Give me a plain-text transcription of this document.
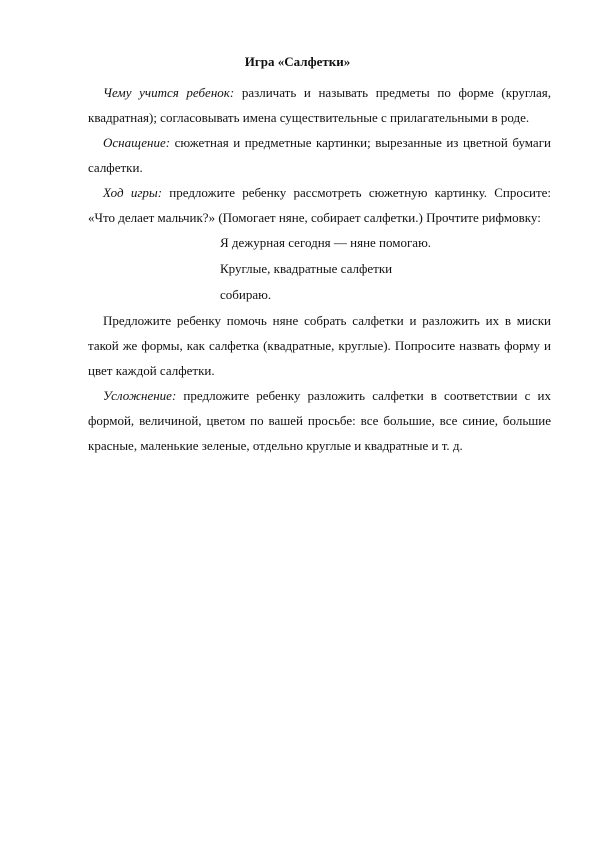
Игра «Салфетки»

Чему учится ребенок: различать и называть предметы по форме (круглая, квадратная); согласовывать имена существительные с прилагательными в роде.

Оснащение: сюжетная и предметные картинки; вырезанные из цветной бумаги салфетки.

Ход игры: предложите ребенку рассмотреть сюжетную картинку. Спросите: «Что делает мальчик?» (Помогает няне, собирает салфетки.) Прочтите рифмовку:

Я дежурная сегодня — няне помогаю.
Круглые, квадратные салфетки
собираю.

Предложите ребенку помочь няне собрать салфетки и разложить их в миски такой же формы, как салфетка (квадратные, круглые). Попросите назвать форму и цвет каждой салфетки.

Усложнение: предложите ребенку разложить салфетки в соответствии с их формой, величиной, цветом по вашей просьбе: все большие, все синие, большие красные, маленькие зеленые, отдельно круглые и квадратные и т. д.
